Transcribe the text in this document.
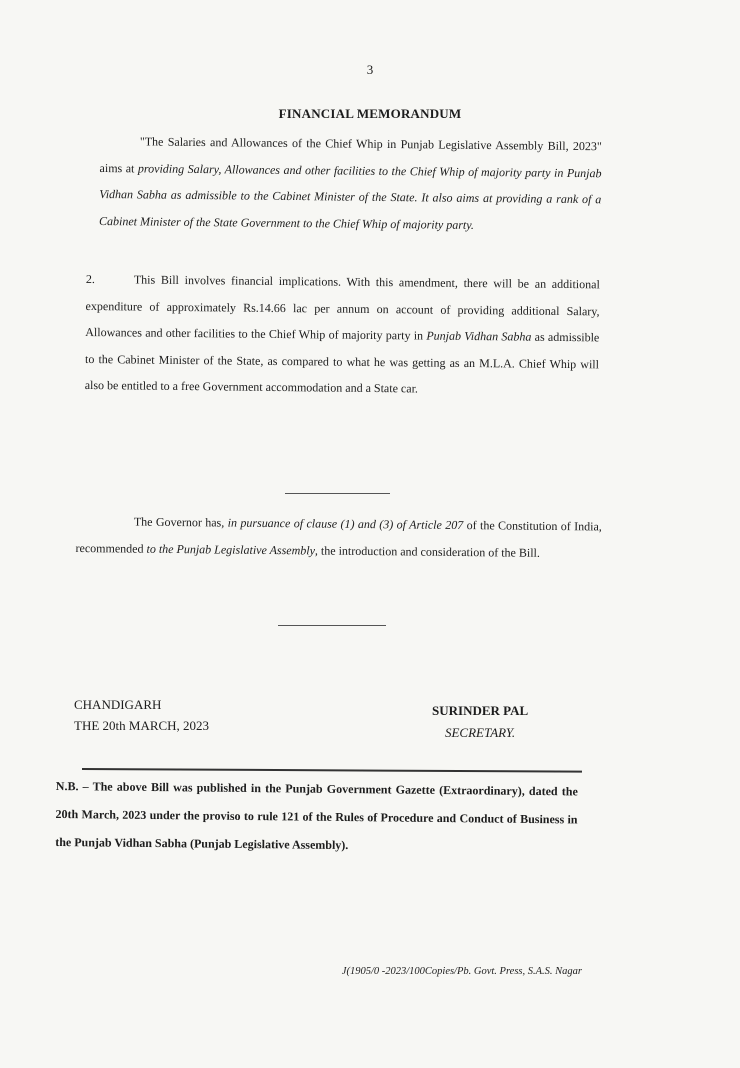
3
FINANCIAL MEMORANDUM

"The Salaries and Allowances of the Chief Whip in Punjab Legislative Assembly Bill, 2023" aims at providing Salary, Allowances and other facilities to the Chief Whip of majority party in Punjab Vidhan Sabha as admissible to the Cabinet Minister of the State. It also aims at providing a rank of a Cabinet Minister of the State Government to the Chief Whip of majority party.

2.	This Bill involves financial implications. With this amendment, there will be an additional expenditure of approximately Rs.14.66 lac per annum on account of providing additional Salary, Allowances and other facilities to the Chief Whip of majority party in Punjab Vidhan Sabha as admissible to the Cabinet Minister of the State, as compared to what he was getting as an M.L.A. Chief Whip will also be entitled to a free Government accommodation and a State car.

The Governor has, in pursuance of clause (1) and (3) of Article 207 of the Constitution of India, recommended to the Punjab Legislative Assembly, the introduction and consideration of the Bill.

CHANDIGARH
THE 20th MARCH, 2023
SURINDER PAL
SECRETARY.

N.B. – The above Bill was published in the Punjab Government Gazette (Extraordinary), dated the 20th March, 2023 under the proviso to rule 121 of the Rules of Procedure and Conduct of Business in the Punjab Vidhan Sabha (Punjab Legislative Assembly).

J(1905/0 -2023/100Copies/Pb. Govt. Press, S.A.S. Nagar
